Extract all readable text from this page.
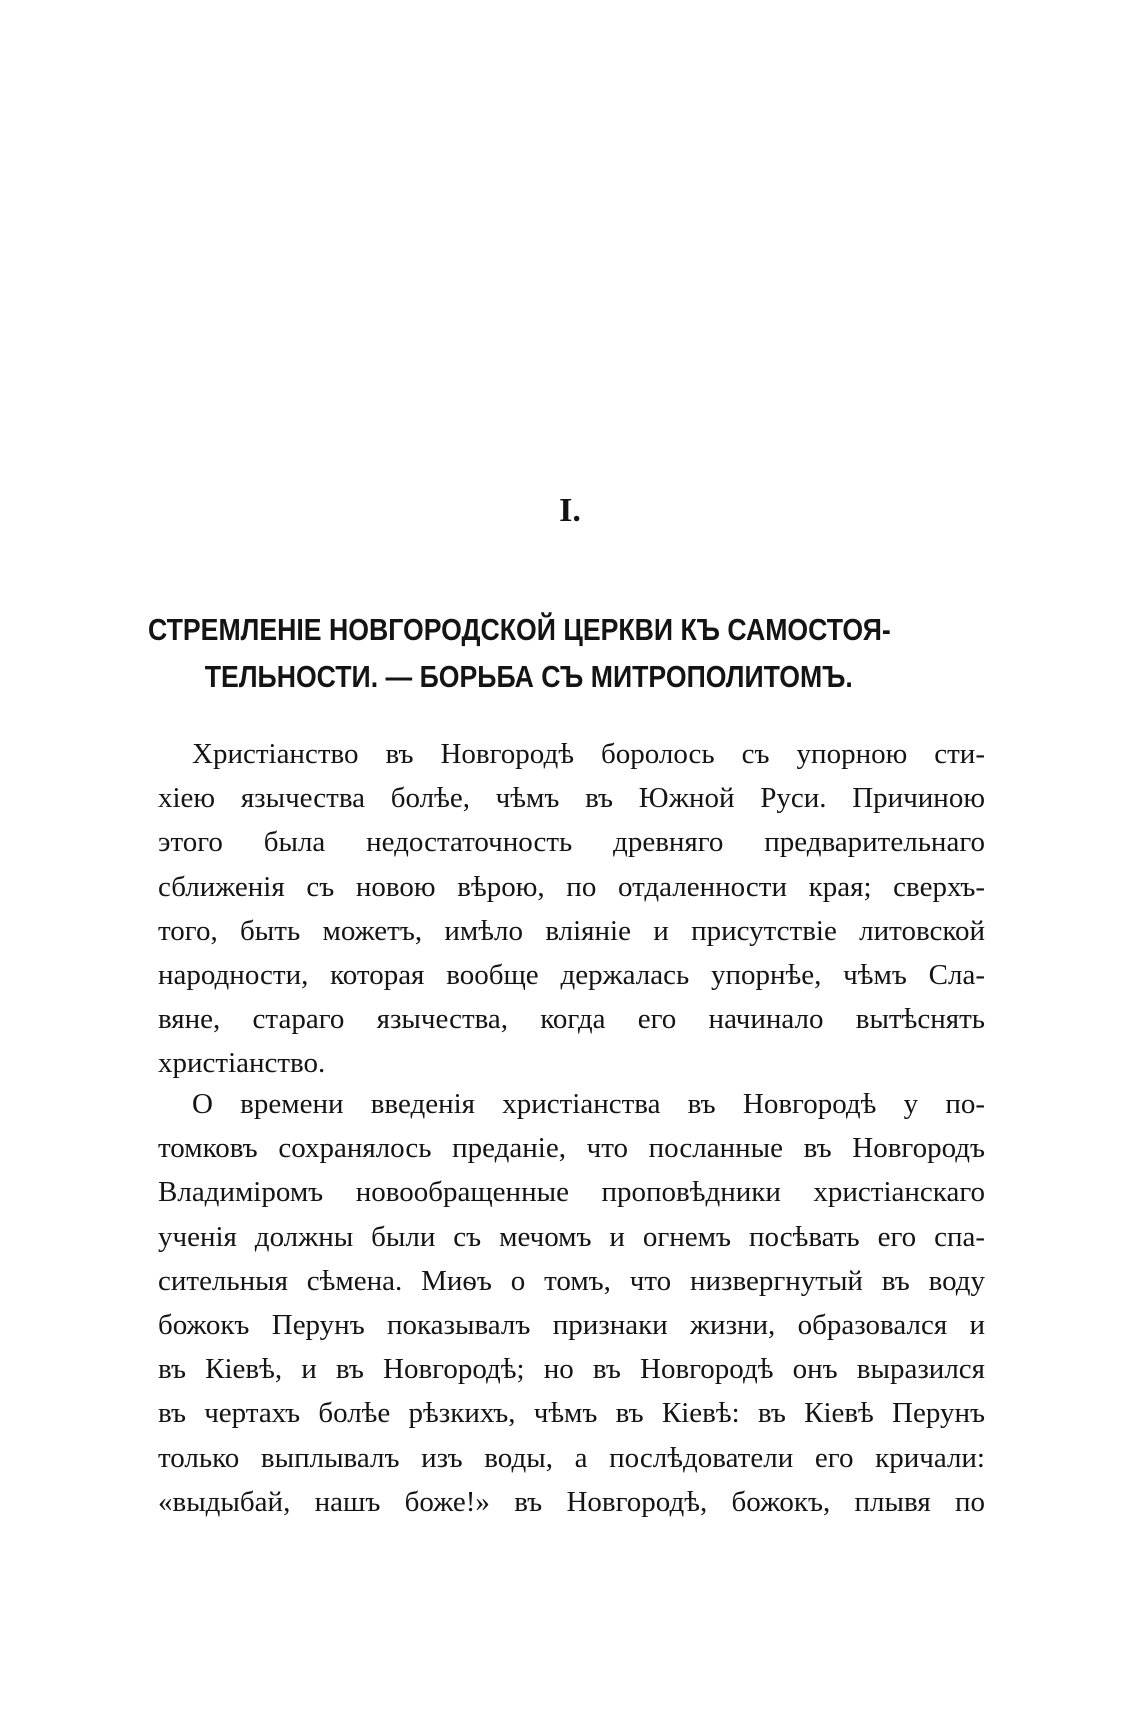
I.
СТРЕМЛЕНІЕ НОВГОРОДСКОЙ ЦЕРКВИ КЪ САМОСТОЯ-
ТЕЛЬНОСТИ. — БОРЬБА СЪ МИТРОПОЛИТОМЪ.
Христіанство въ Новгородѣ боролось съ упорною сти-
хіею язычества болѣе, чѣмъ въ Южной Руси. Причиною
этого была недостаточность древняго предварительнаго
сближенія съ новою вѣрою, по отдаленности края; сверхъ-
того, быть можетъ, имѣло вліяніе и присутствіе литовской
народности, которая вообще держалась упорнѣе, чѣмъ Сла-
вяне, стараго язычества, когда его начинало вытѣснять
христіанство.
О времени введенія христіанства въ Новгородѣ у по-
томковъ сохранялось преданіе, что посланные въ Новгородъ
Владиміромъ новообращенные проповѣдники христіанскаго
ученія должны были съ мечомъ и огнемъ посѣвать его спа-
сительныя сѣмена. Миѳъ о томъ, что низвергнутый въ воду
божокъ Перунъ показывалъ признаки жизни, образовался и
въ Кіевѣ, и въ Новгородѣ; но въ Новгородѣ онъ выразился
въ чертахъ болѣе рѣзкихъ, чѣмъ въ Кіевѣ: въ Кіевѣ Перунъ
только выплывалъ изъ воды, а послѣдователи его кричали:
«выдыбай, нашъ боже!» въ Новгородѣ, божокъ, плывя по
